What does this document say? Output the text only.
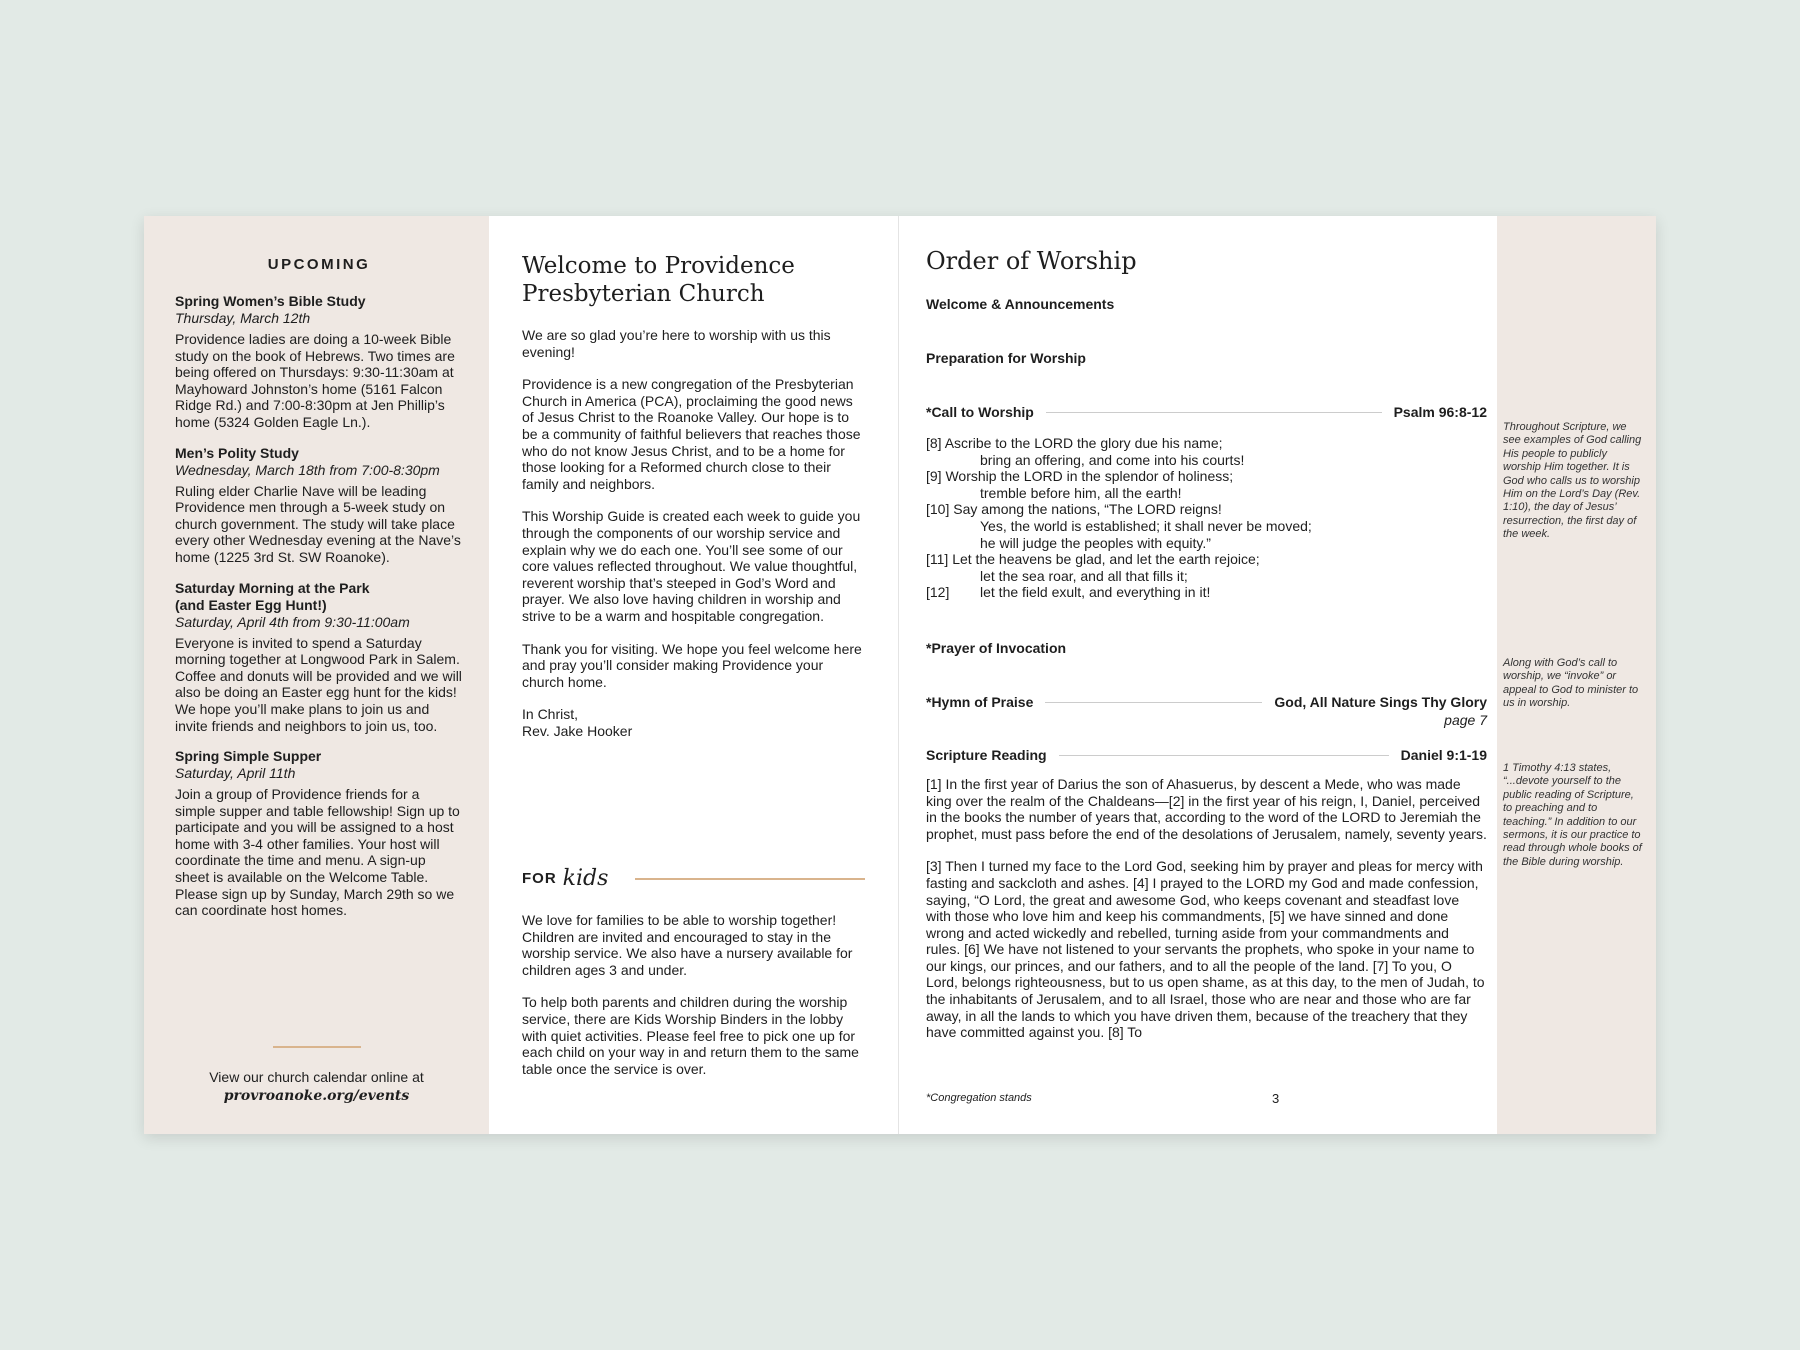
UPCOMING
Spring Women’s Bible Study
Thursday, March 12th
Providence ladies are doing a 10-week Bible study on the book of Hebrews. Two times are being offered on Thursdays: 9:30-11:30am at Mayhoward Johnston’s home (5161 Falcon Ridge Rd.) and 7:00-8:30pm at Jen Phillip’s home (5324 Golden Eagle Ln.).
Men’s Polity Study
Wednesday, March 18th from 7:00-8:30pm
Ruling elder Charlie Nave will be leading Providence men through a 5-week study on church government. The study will take place every other Wednesday evening at the Nave’s home (1225 3rd St. SW Roanoke).
Saturday Morning at the Park (and Easter Egg Hunt!)
Saturday, April 4th from 9:30-11:00am
Everyone is invited to spend a Saturday morning together at Longwood Park in Salem. Coffee and donuts will be provided and we will also be doing an Easter egg hunt for the kids! We hope you’ll make plans to join us and invite friends and neighbors to join us, too.
Spring Simple Supper
Saturday, April 11th
Join a group of Providence friends for a simple supper and table fellowship! Sign up to participate and you will be assigned to a host home with 3-4 other families. Your host will coordinate the time and menu. A sign-up sheet is available on the Welcome Table. Please sign up by Sunday, March 29th so we can coordinate host homes.
View our church calendar online at
provroanoke.org/events
Welcome to Providence
Presbyterian Church

We are so glad you’re here to worship with us this evening!

Providence is a new congregation of the Presbyterian Church in America (PCA), proclaiming the good news of Jesus Christ to the Roanoke Valley. Our hope is to be a community of faithful believers that reaches those who do not know Jesus Christ, and to be a home for those looking for a Reformed church close to their family and neighbors.

This Worship Guide is created each week to guide you through the components of our worship service and explain why we do each one. You’ll see some of our core values reflected throughout. We value thoughtful, reverent worship that’s steeped in God’s Word and prayer. We also love having children in worship and strive to be a warm and hospitable congregation.

Thank you for visiting. We hope you feel welcome here and pray you’ll consider making Providence your church home.

In Christ,
Rev. Jake Hooker

FOR kids

We love for families to be able to worship together! Children are invited and encouraged to stay in the worship service. We also have a nursery available for children ages 3 and under.

To help both parents and children during the worship service, there are Kids Worship Binders in the lobby with quiet activities. Please feel free to pick one up for each child on your way in and return them to the same table once the service is over.

Order of Worship
Welcome & Announcements
Preparation for Worship
*Call to Worship	Psalm 96:8-12
[8] Ascribe to the LORD the glory due his name;
bring an offering, and come into his courts!
[9] Worship the LORD in the splendor of holiness;
tremble before him, all the earth!
[10] Say among the nations, “The LORD reigns!
Yes, the world is established; it shall never be moved;
he will judge the peoples with equity.”
[11] Let the heavens be glad, and let the earth rejoice;
let the sea roar, and all that fills it;
[12] let the field exult, and everything in it!
*Prayer of Invocation
*Hymn of Praise	God, All Nature Sings Thy Glory
page 7
Scripture Reading	Daniel 9:1-19

[1] In the first year of Darius the son of Ahasuerus, by descent a Mede, who was made king over the realm of the Chaldeans—[2] in the first year of his reign, I, Daniel, perceived in the books the number of years that, according to the word of the LORD to Jeremiah the prophet, must pass before the end of the desolations of Jerusalem, namely, seventy years.

[3] Then I turned my face to the Lord God, seeking him by prayer and pleas for mercy with fasting and sackcloth and ashes. [4] I prayed to the LORD my God and made confession, saying, “O Lord, the great and awesome God, who keeps covenant and steadfast love with those who love him and keep his commandments, [5] we have sinned and done wrong and acted wickedly and rebelled, turning aside from your commandments and rules. [6] We have not listened to your servants the prophets, who spoke in your name to our kings, our princes, and our fathers, and to all the people of the land. [7] To you, O Lord, belongs righteousness, but to us open shame, as at this day, to the men of Judah, to the inhabitants of Jerusalem, and to all Israel, those who are near and those who are far away, in all the lands to which you have driven them, because of the treachery that they have committed against you. [8] To

*Congregation stands	3
Throughout Scripture, we see examples of God calling His people to publicly worship Him together. It is God who calls us to worship Him on the Lord’s Day (Rev. 1:10), the day of Jesus’ resurrection, the first day of the week.
Along with God’s call to worship, we “invoke” or appeal to God to minister to us in worship.
1 Timothy 4:13 states, “...devote yourself to the public reading of Scripture, to preaching and to teaching.” In addition to our sermons, it is our practice to read through whole books of the Bible during worship.
